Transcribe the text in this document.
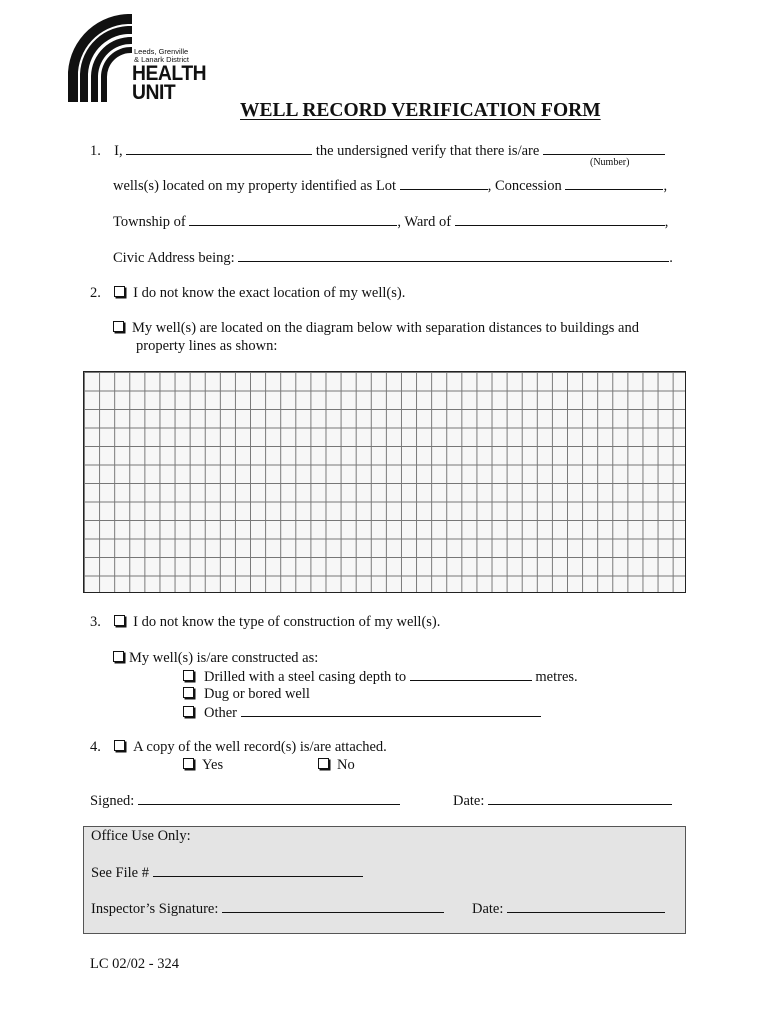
Leeds, Grenville
& Lanark District
HEALTH
UNIT
WELL RECORD VERIFICATION FORM
1. I,	the undersigned verify that there is/are
(Number)
wells(s) located on my property identified as Lot	, Concession	,
Township of	, Ward of	,
Civic Address being:	.
2. I do not know the exact location of my well(s).
My well(s) are located on the diagram below with separation distances to buildings and
property lines as shown:
3. I do not know the type of construction of my well(s).
My well(s) is/are constructed as:
Drilled with a steel casing depth to	metres.
Dug or bored well
Other
4. A copy of the well record(s) is/are attached.
Yes	No
Signed:	Date:
Office Use Only:
See File #
Inspector’s Signature:	Date:
LC 02/02 - 324
